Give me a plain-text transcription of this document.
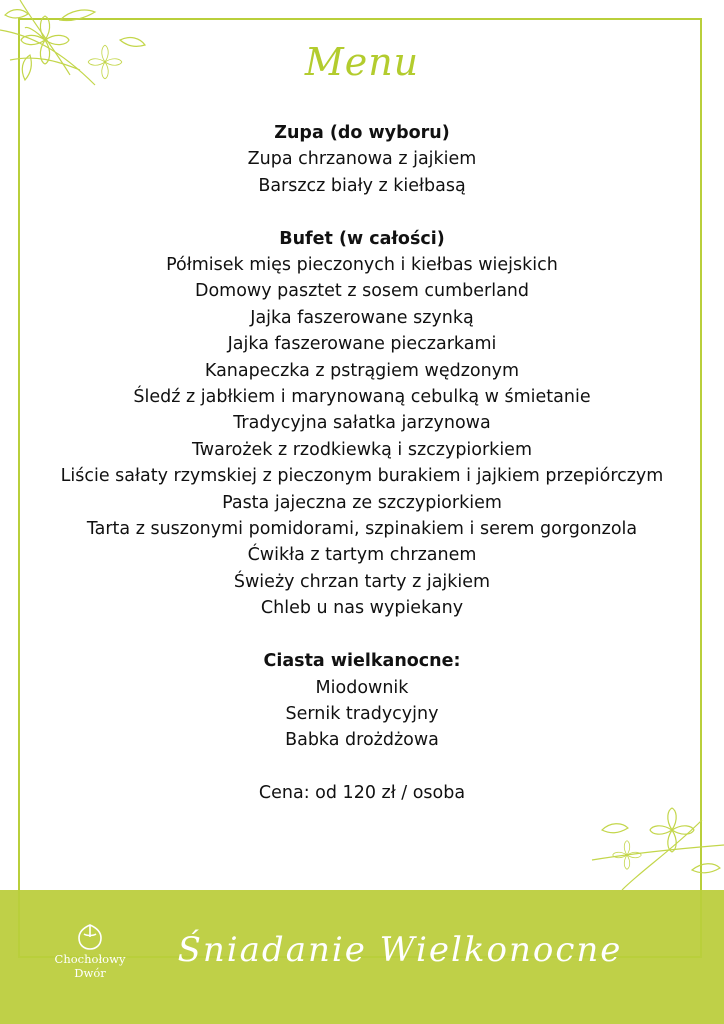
Menu
Zupa (do wyboru)
Zupa chrzanowa z jajkiem
Barszcz biały z kiełbasą
Bufet (w całości)
Półmisek mięs pieczonych i kiełbas wiejskich
Domowy pasztet z sosem cumberland
Jajka faszerowane szynką
Jajka faszerowane pieczarkami
Kanapeczka z pstrągiem wędzonym
Śledź z jabłkiem i marynowaną cebulką w śmietanie
Tradycyjna sałatka jarzynowa
Twarożek z rzodkiewką i szczypiorkiem
Liście sałaty rzymskiej z pieczonym burakiem i jajkiem przepiórczym
Pasta jajeczna ze szczypiorkiem
Tarta z suszonymi pomidorami, szpinakiem i serem gorgonzola
Ćwikła z tartym chrzanem
Świeży chrzan tarty z jajkiem
Chleb u nas wypiekany
Ciasta wielkanocne:
Miodownik
Sernik tradycyjny
Babka drożdżowa
Cena: od 120 zł / osoba
Chochołowy
Dwór
Śniadanie Wielkonocne
